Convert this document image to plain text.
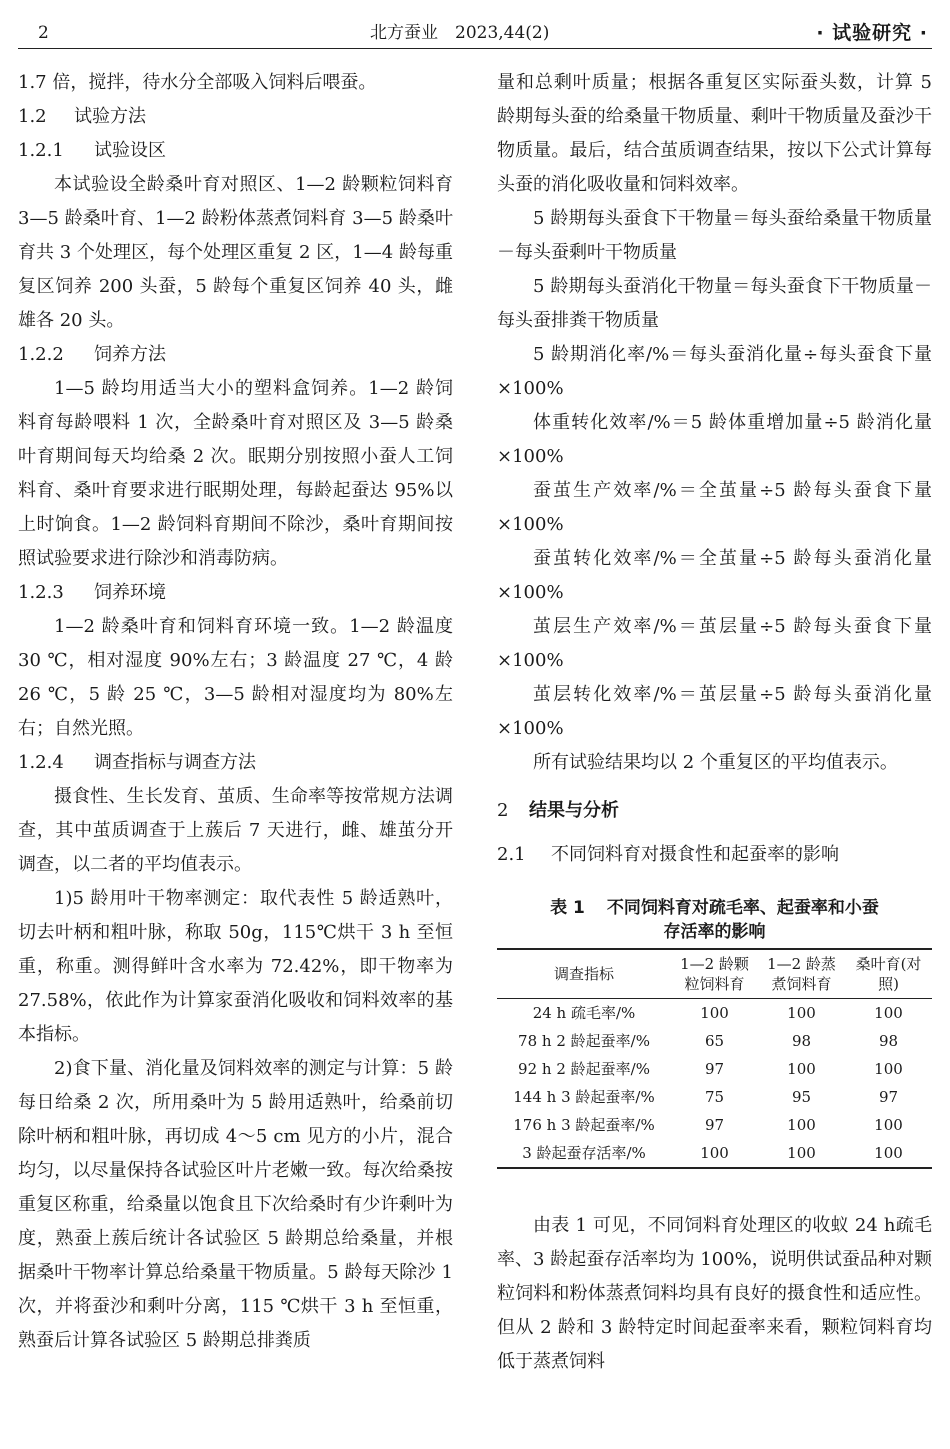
2	北方蚕业　2023,44(2)	· 试验研究 ·

1.7 倍，搅拌，待水分全部吸入饲料后喂蚕。

1.2 试验方法

1.2.1 试验设区

本试验设全龄桑叶育对照区、1—2 龄颗粒饲料育 3—5 龄桑叶育、1—2 龄粉体蒸煮饲料育 3—5 龄桑叶育共 3 个处理区，每个处理区重复 2 区，1—4 龄每重复区饲养 200 头蚕，5 龄每个重复区饲养 40 头，雌雄各 20 头。

1.2.2 饲养方法

1—5 龄均用适当大小的塑料盒饲养。1—2 龄饲料育每龄喂料 1 次，全龄桑叶育对照区及 3—5 龄桑叶育期间每天均给桑 2 次。眠期分别按照小蚕人工饲料育、桑叶育要求进行眠期处理，每龄起蚕达 95%以上时饷食。1—2 龄饲料育期间不除沙，桑叶育期间按照试验要求进行除沙和消毒防病。

1.2.3 饲养环境

1—2 龄桑叶育和饲料育环境一致。1—2 龄温度 30 ℃，相对湿度 90%左右；3 龄温度 27 ℃，4 龄 26 ℃，5 龄 25 ℃，3—5 龄相对湿度均为 80%左右；自然光照。

1.2.4 调查指标与调查方法

摄食性、生长发育、茧质、生命率等按常规方法调查，其中茧质调查于上蔟后 7 天进行，雌、雄茧分开调查，以二者的平均值表示。

1)5 龄用叶干物率测定：取代表性 5 龄适熟叶，切去叶柄和粗叶脉，称取 50g，115℃烘干 3 h 至恒重，称重。测得鲜叶含水率为 72.42%，即干物率为 27.58%，依此作为计算家蚕消化吸收和饲料效率的基本指标。

2)食下量、消化量及饲料效率的测定与计算：5 龄每日给桑 2 次，所用桑叶为 5 龄用适熟叶，给桑前切除叶柄和粗叶脉，再切成 4～5 cm 见方的小片，混合均匀，以尽量保持各试验区叶片老嫩一致。每次给桑按重复区称重，给桑量以饱食且下次给桑时有少许剩叶为度，熟蚕上蔟后统计各试验区 5 龄期总给桑量，并根据桑叶干物率计算总给桑量干物质量。5 龄每天除沙 1 次，并将蚕沙和剩叶分离，115 ℃烘干 3 h 至恒重，熟蚕后计算各试验区 5 龄期总排粪质

量和总剩叶质量；根据各重复区实际蚕头数，计算 5 龄期每头蚕的给桑量干物质量、剩叶干物质量及蚕沙干物质量。最后，结合茧质调查结果，按以下公式计算每头蚕的消化吸收量和饲料效率。

5 龄期每头蚕食下干物量＝每头蚕给桑量干物质量－每头蚕剩叶干物质量

5 龄期每头蚕消化干物量＝每头蚕食下干物质量－每头蚕排粪干物质量

5 龄期消化率/%＝每头蚕消化量÷每头蚕食下量×100%

体重转化效率/%＝5 龄体重增加量÷5 龄消化量×100%

蚕茧生产效率/%＝全茧量÷5 龄每头蚕食下量×100%

蚕茧转化效率/%＝全茧量÷5 龄每头蚕消化量×100%

茧层生产效率/%＝茧层量÷5 龄每头蚕食下量×100%

茧层转化效率/%＝茧层量÷5 龄每头蚕消化量×100%

所有试验结果均以 2 个重复区的平均值表示。

2 结果与分析

2.1 不同饲料育对摄食性和起蚕率的影响

表 1 不同饲料育对疏毛率、起蚕率和小蚕
存活率的影响
调查指标	1—2 龄颗粒饲料育	1—2 龄蒸煮饲料育	桑叶育(对照)
24 h 疏毛率/%	100	100	100
78 h 2 龄起蚕率/%	65	98	98
92 h 2 龄起蚕率/%	97	100	100
144 h 3 龄起蚕率/%	75	95	97
176 h 3 龄起蚕率/%	97	100	100
3 龄起蚕存活率/%	100	100	100

由表 1 可见，不同饲料育处理区的收蚁 24 h疏毛率、3 龄起蚕存活率均为 100%，说明供试蚕品种对颗粒饲料和粉体蒸煮饲料均具有良好的摄食性和适应性。但从 2 龄和 3 龄特定时间起蚕率来看，颗粒饲料育均低于蒸煮饲料
